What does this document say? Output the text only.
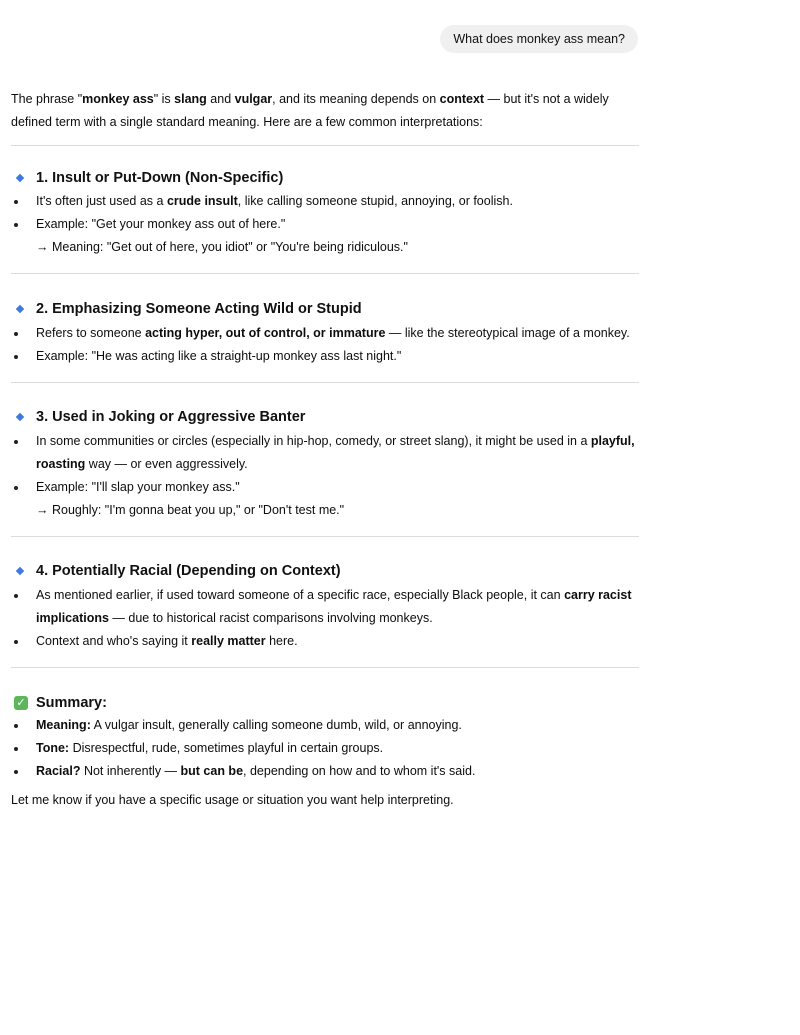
What does monkey ass mean?

The phrase "monkey ass" is slang and vulgar, and its meaning depends on context — but it's not a widely defined term with a single standard meaning. Here are a few common interpretations:

1. Insult or Put-Down (Non-Specific)
It's often just used as a crude insult, like calling someone stupid, annoying, or foolish.
Example: "Get your monkey ass out of here."
→ Meaning: "Get out of here, you idiot" or "You're being ridiculous."
2. Emphasizing Someone Acting Wild or Stupid
Refers to someone acting hyper, out of control, or immature — like the stereotypical image of a monkey.
Example: "He was acting like a straight-up monkey ass last night."
3. Used in Joking or Aggressive Banter
In some communities or circles (especially in hip-hop, comedy, or street slang), it might be used in a playful, roasting way — or even aggressively.
Example: "I'll slap your monkey ass."
→ Roughly: "I'm gonna beat you up," or "Don't test me."
4. Potentially Racial (Depending on Context)
As mentioned earlier, if used toward someone of a specific race, especially Black people, it can carry racist implications — due to historical racist comparisons involving monkeys.
Context and who's saying it really matter here.
✓ Summary:
Meaning: A vulgar insult, generally calling someone dumb, wild, or annoying.
Tone: Disrespectful, rude, sometimes playful in certain groups.
Racial? Not inherently — but can be, depending on how and to whom it's said.

Let me know if you have a specific usage or situation you want help interpreting.
